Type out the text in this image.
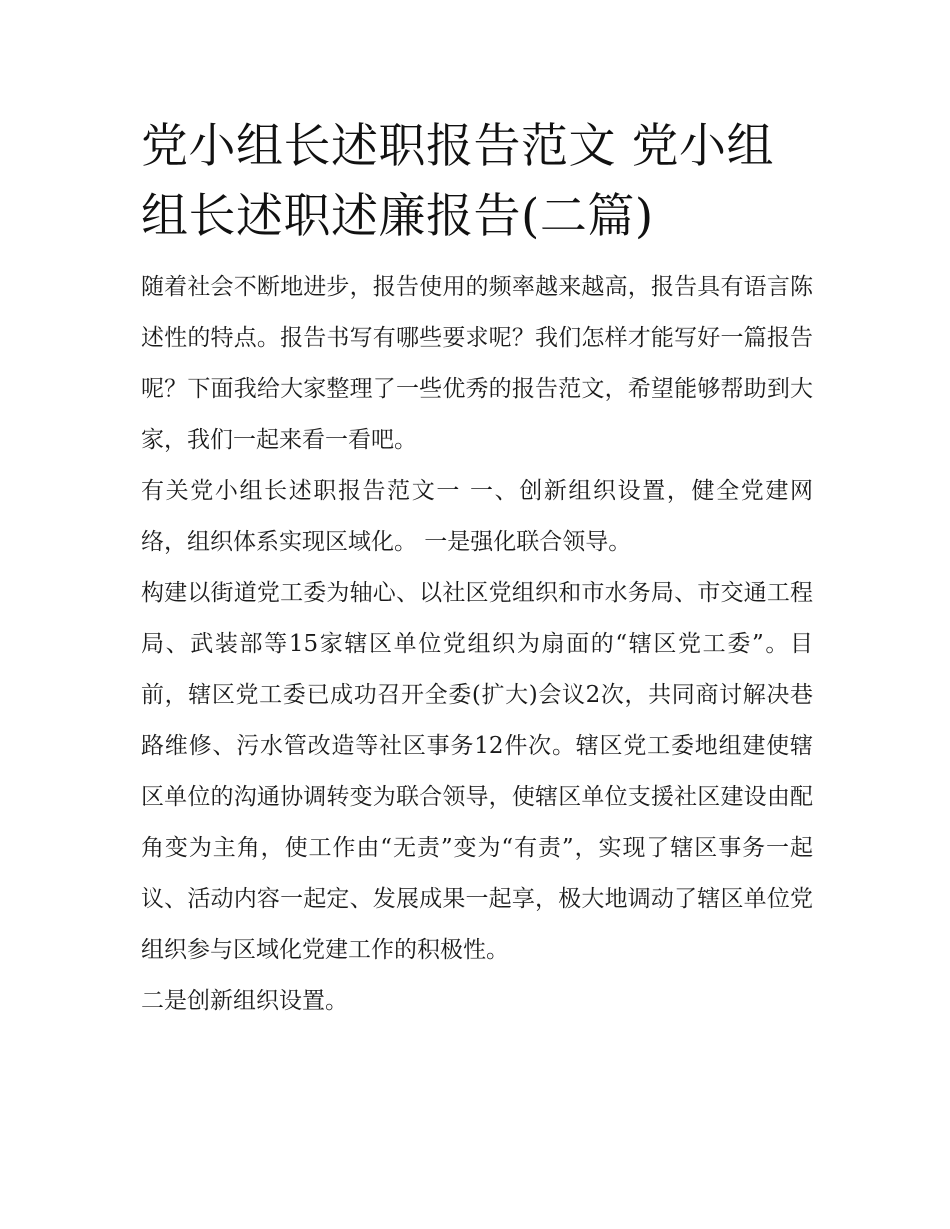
党小组长述职报告范文 党小组组长述职述廉报告(二篇)

随着社会不断地进步，报告使用的频率越来越高，报告具有语言陈述性的特点。报告书写有哪些要求呢？我们怎样才能写好一篇报告呢？下面我给大家整理了一些优秀的报告范文，希望能够帮助到大家，我们一起来看一看吧。

有关党小组长述职报告范文一 一、创新组织设置，健全党建网络，组织体系实现区域化。 一是强化联合领导。

构建以街道党工委为轴心、以社区党组织和市水务局、市交通工程局、武装部等15家辖区单位党组织为扇面的“辖区党工委”。目前，辖区党工委已成功召开全委(扩大)会议2次，共同商讨解决巷路维修、污水管改造等社区事务12件次。辖区党工委地组建使辖区单位的沟通协调转变为联合领导，使辖区单位支援社区建设由配角变为主角，使工作由“无责”变为“有责”，实现了辖区事务一起议、活动内容一起定、发展成果一起享，极大地调动了辖区单位党组织参与区域化党建工作的积极性。

二是创新组织设置。
